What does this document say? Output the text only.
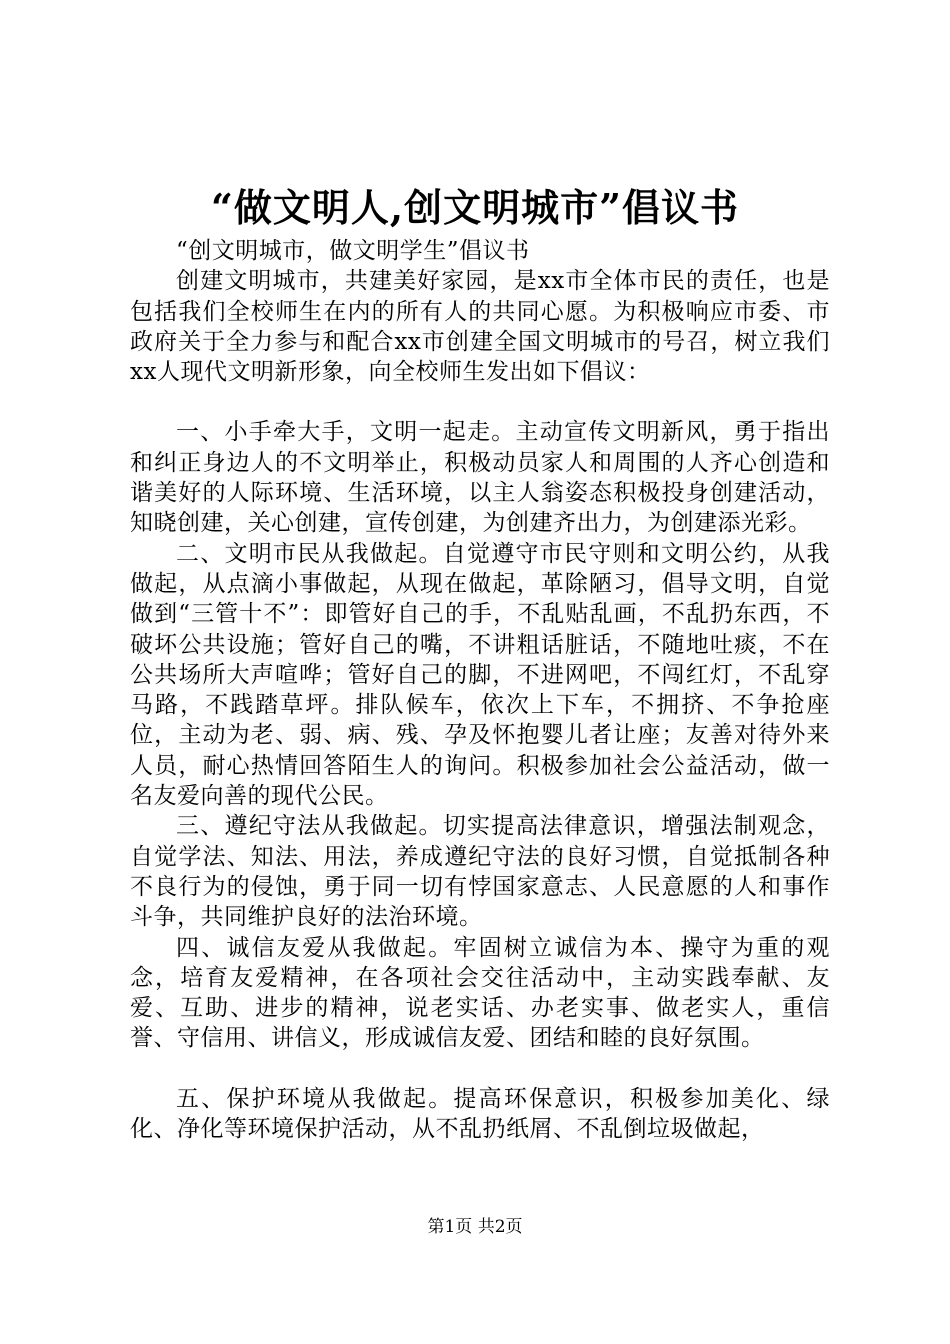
“做文明人,创文明城市”倡议书

“创文明城市，做文明学生”倡议书

创建文明城市，共建美好家园，是xx市全体市民的责任，也是包括我们全校师生在内的所有人的共同心愿。为积极响应市委、市政府关于全力参与和配合xx市创建全国文明城市的号召，树立我们xx人现代文明新形象，向全校师生发出如下倡议：

一、小手牵大手，文明一起走。主动宣传文明新风，勇于指出和纠正身边人的不文明举止，积极动员家人和周围的人齐心创造和谐美好的人际环境、生活环境，以主人翁姿态积极投身创建活动，知晓创建，关心创建，宣传创建，为创建齐出力，为创建添光彩。

二、文明市民从我做起。自觉遵守市民守则和文明公约，从我做起，从点滴小事做起，从现在做起，革除陋习，倡导文明，自觉做到“三管十不”：即管好自己的手，不乱贴乱画，不乱扔东西，不破坏公共设施；管好自己的嘴，不讲粗话脏话，不随地吐痰，不在公共场所大声喧哗；管好自己的脚，不进网吧，不闯红灯，不乱穿马路，不践踏草坪。排队候车，依次上下车，不拥挤、不争抢座位，主动为老、弱、病、残、孕及怀抱婴儿者让座；友善对待外来人员，耐心热情回答陌生人的询问。积极参加社会公益活动，做一名友爱向善的现代公民。

三、遵纪守法从我做起。切实提高法律意识，增强法制观念，自觉学法、知法、用法，养成遵纪守法的良好习惯，自觉抵制各种不良行为的侵蚀，勇于同一切有悖国家意志、人民意愿的人和事作斗争，共同维护良好的法治环境。

四、诚信友爱从我做起。牢固树立诚信为本、操守为重的观念，培育友爱精神，在各项社会交往活动中，主动实践奉献、友爱、互助、进步的精神，说老实话、办老实事、做老实人，重信誉、守信用、讲信义，形成诚信友爱、团结和睦的良好氛围。

五、保护环境从我做起。提高环保意识，积极参加美化、绿化、净化等环境保护活动，从不乱扔纸屑、不乱倒垃圾做起，

第1页 共2页
